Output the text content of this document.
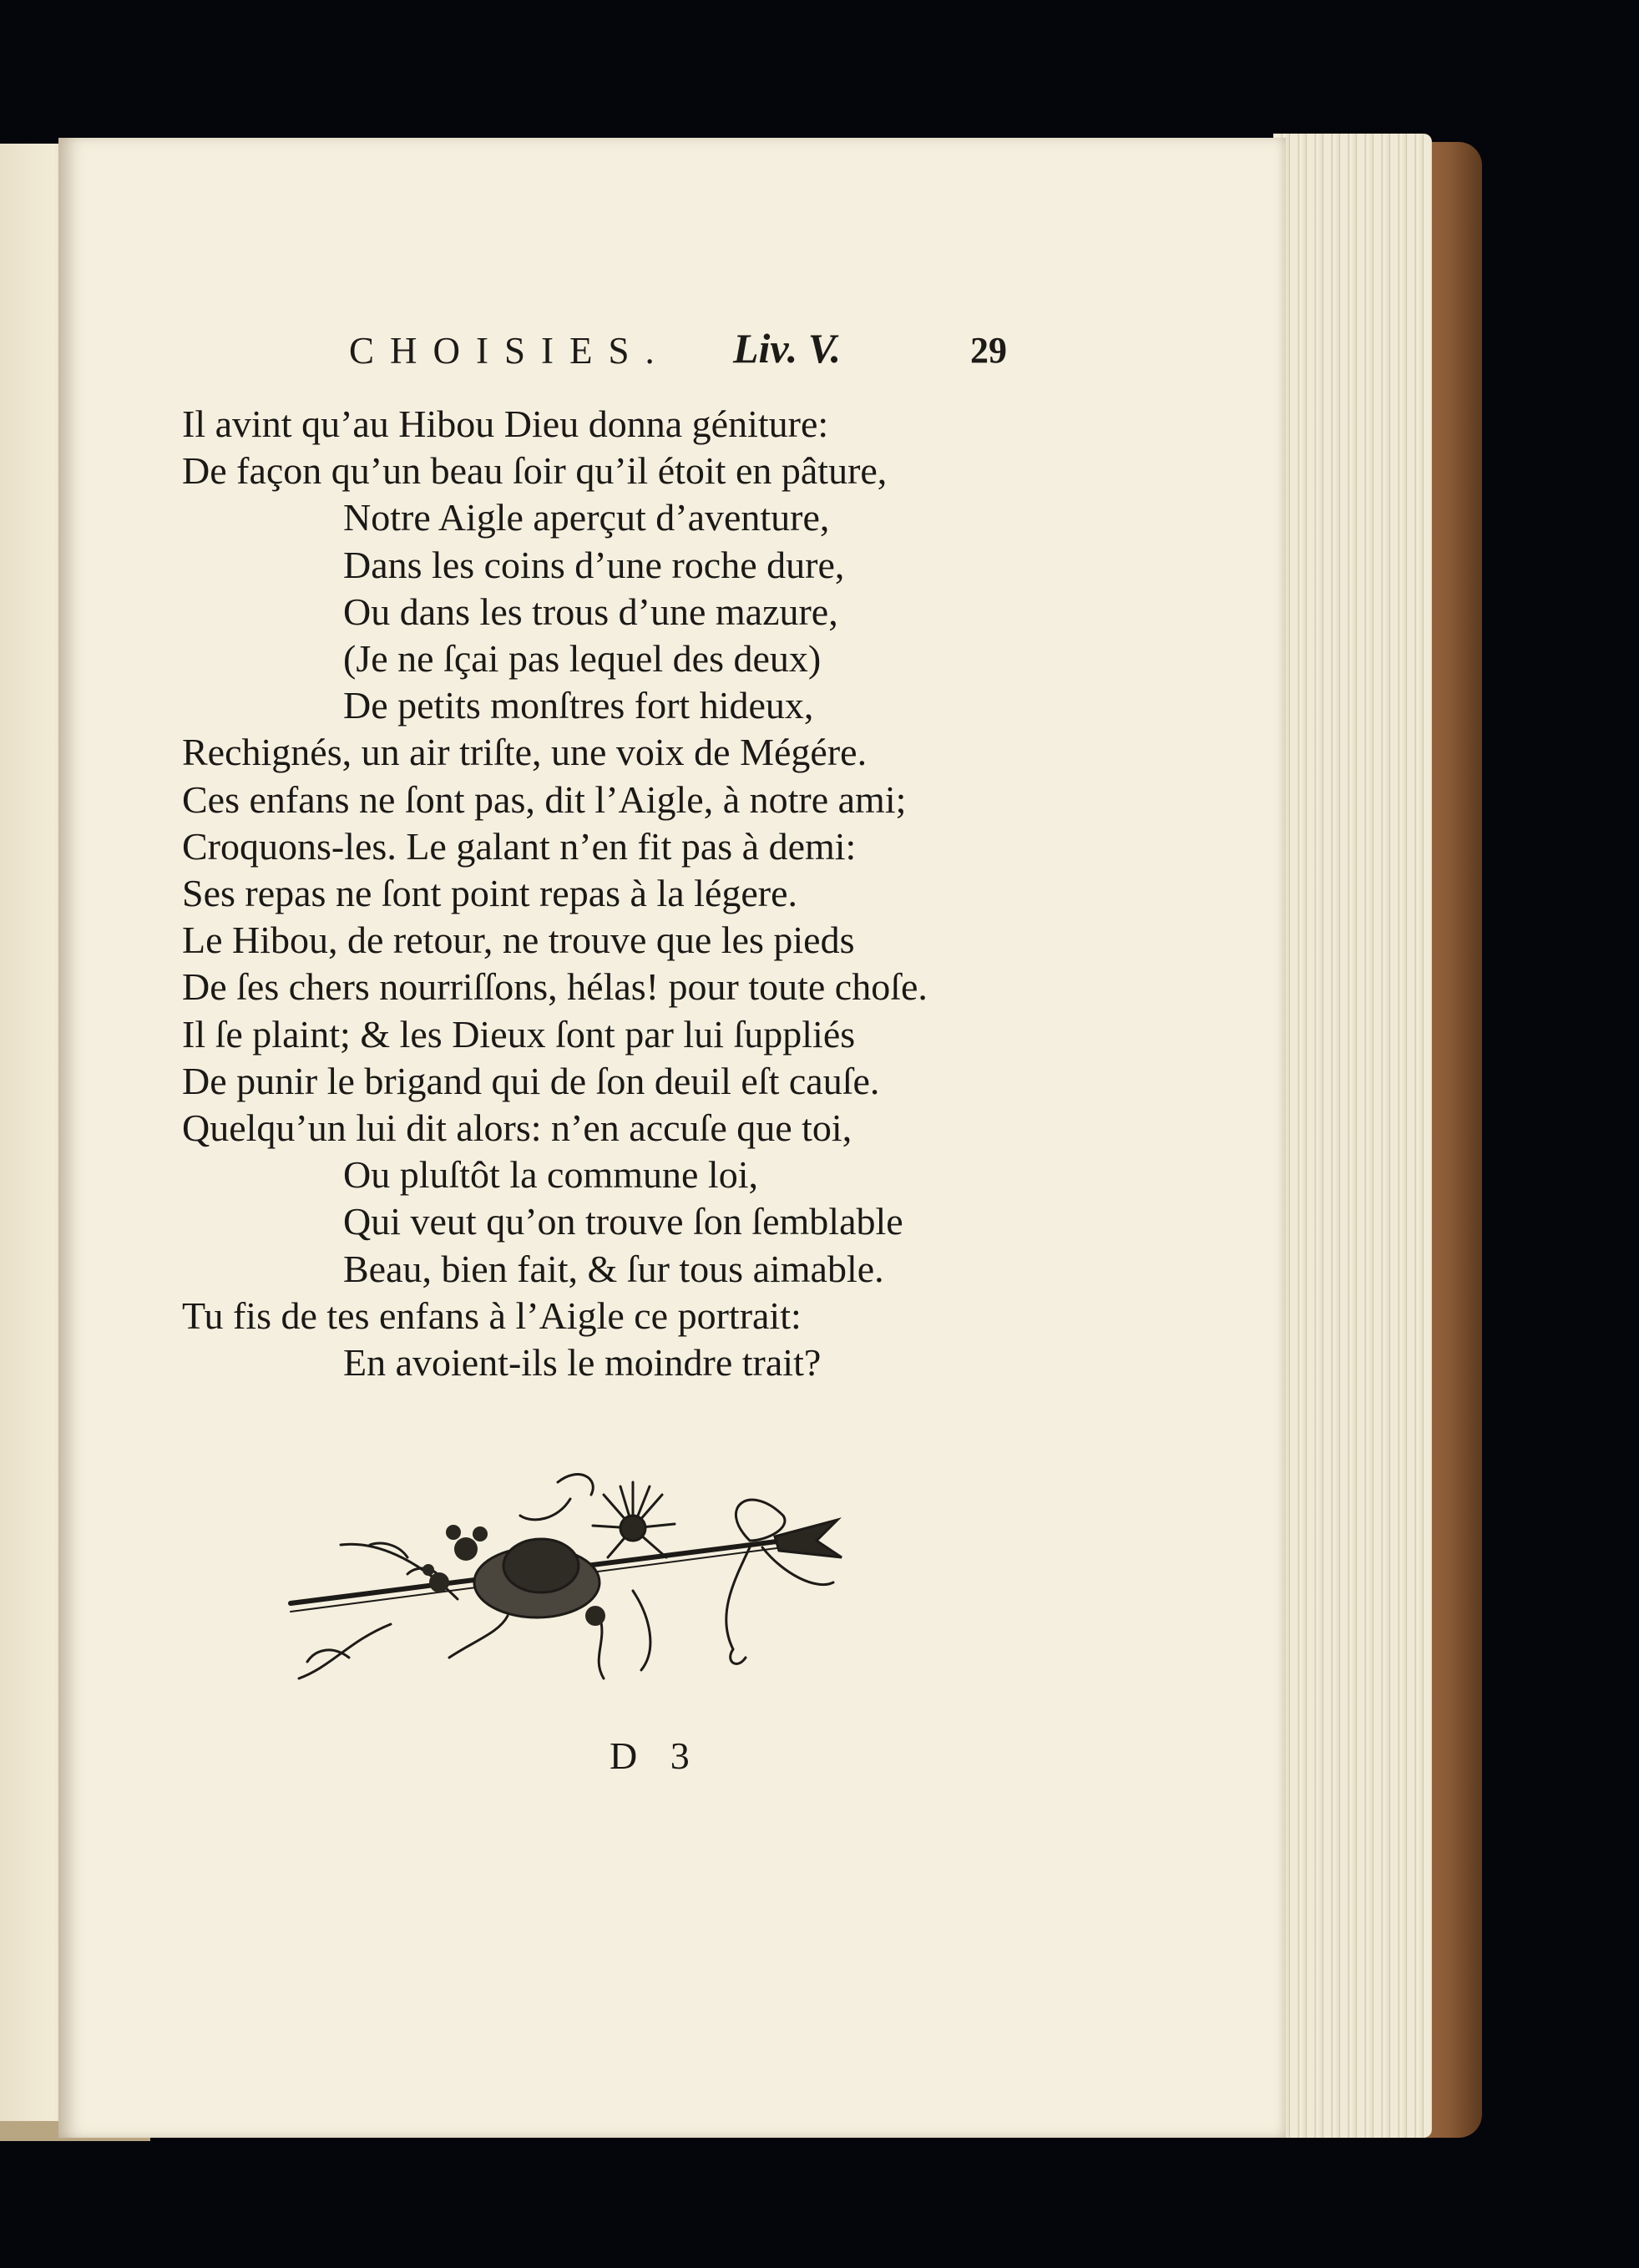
CHOISIES. Liv. V.	29
Il avint qu’au Hibou Dieu donna géniture:
De façon qu’un beau ſoir qu’il étoit en pâture,
Notre Aigle aperçut d’aventure,
Dans les coins d’une roche dure,
Ou dans les trous d’une mazure,
(Je ne ſçai pas lequel des deux)
De petits monſtres fort hideux,
Rechignés, un air triſte, une voix de Mégére.
Ces enfans ne ſont pas, dit l’Aigle, à notre ami;
Croquons-les. Le galant n’en fit pas à demi:
Ses repas ne ſont point repas à la légere.
Le Hibou, de retour, ne trouve que les pieds
De ſes chers nourriſſons, hélas! pour toute choſe.
Il ſe plaint; & les Dieux ſont par lui ſuppliés
De punir le brigand qui de ſon deuil eſt cauſe.
Quelqu’un lui dit alors: n’en accuſe que toi,
Ou pluſtôt la commune loi,
Qui veut qu’on trouve ſon ſemblable
Beau, bien fait, & ſur tous aimable.
Tu fis de tes enfans à l’Aigle ce portrait:
En avoient-ils le moindre trait?
D 3
